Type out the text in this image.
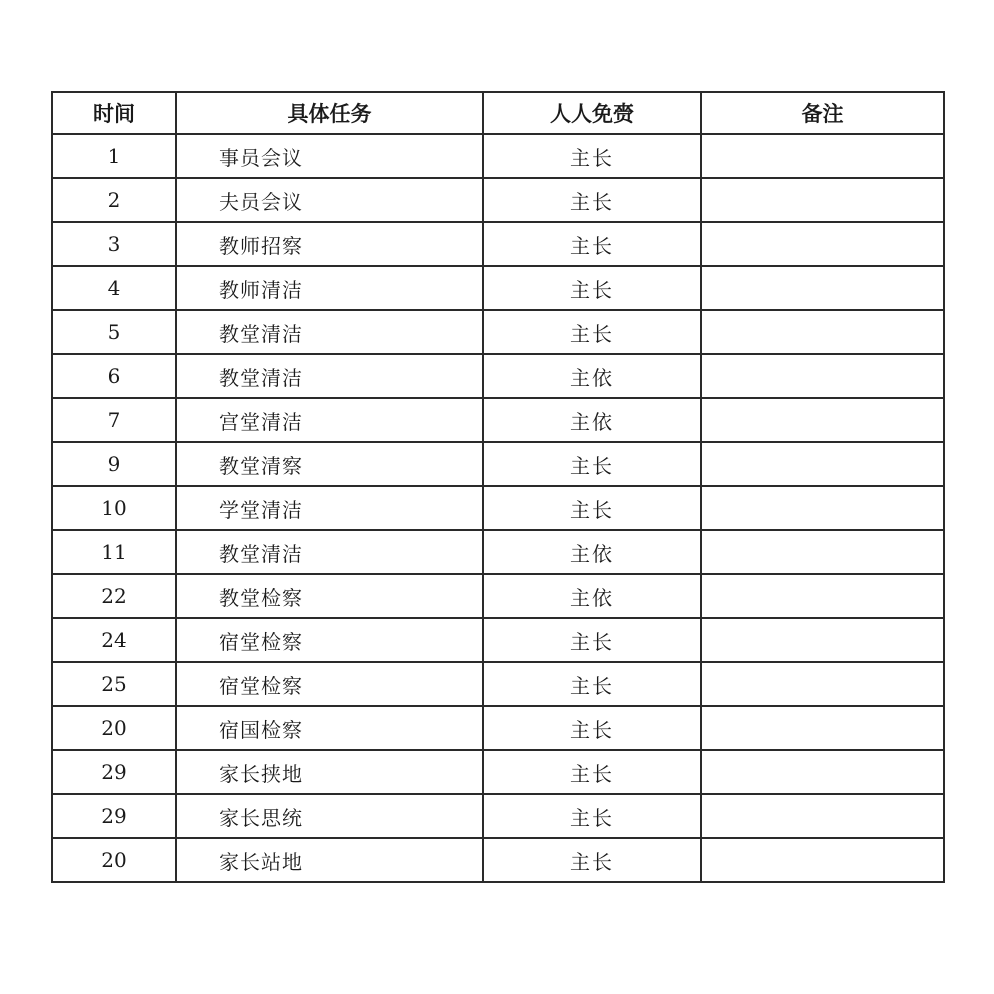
时间	具体任务	人人免赍	备注
1	事员会议	主长	
2	夫员会议	主长	
3	教师招察	主长	
4	教师清洁	主长	
5	教堂清洁	主长	
6	教堂清洁	主依	
7	宫堂清洁	主依	
9	教堂清察	主长	
10	学堂清洁	主长	
11	教堂清洁	主依	
22	教堂检察	主依	
24	宿堂检察	主长	
25	宿堂检察	主长	
20	宿国检察	主长	
29	家长挟地	主长	
29	家长思统	主长	
20	家长站地	主长	
